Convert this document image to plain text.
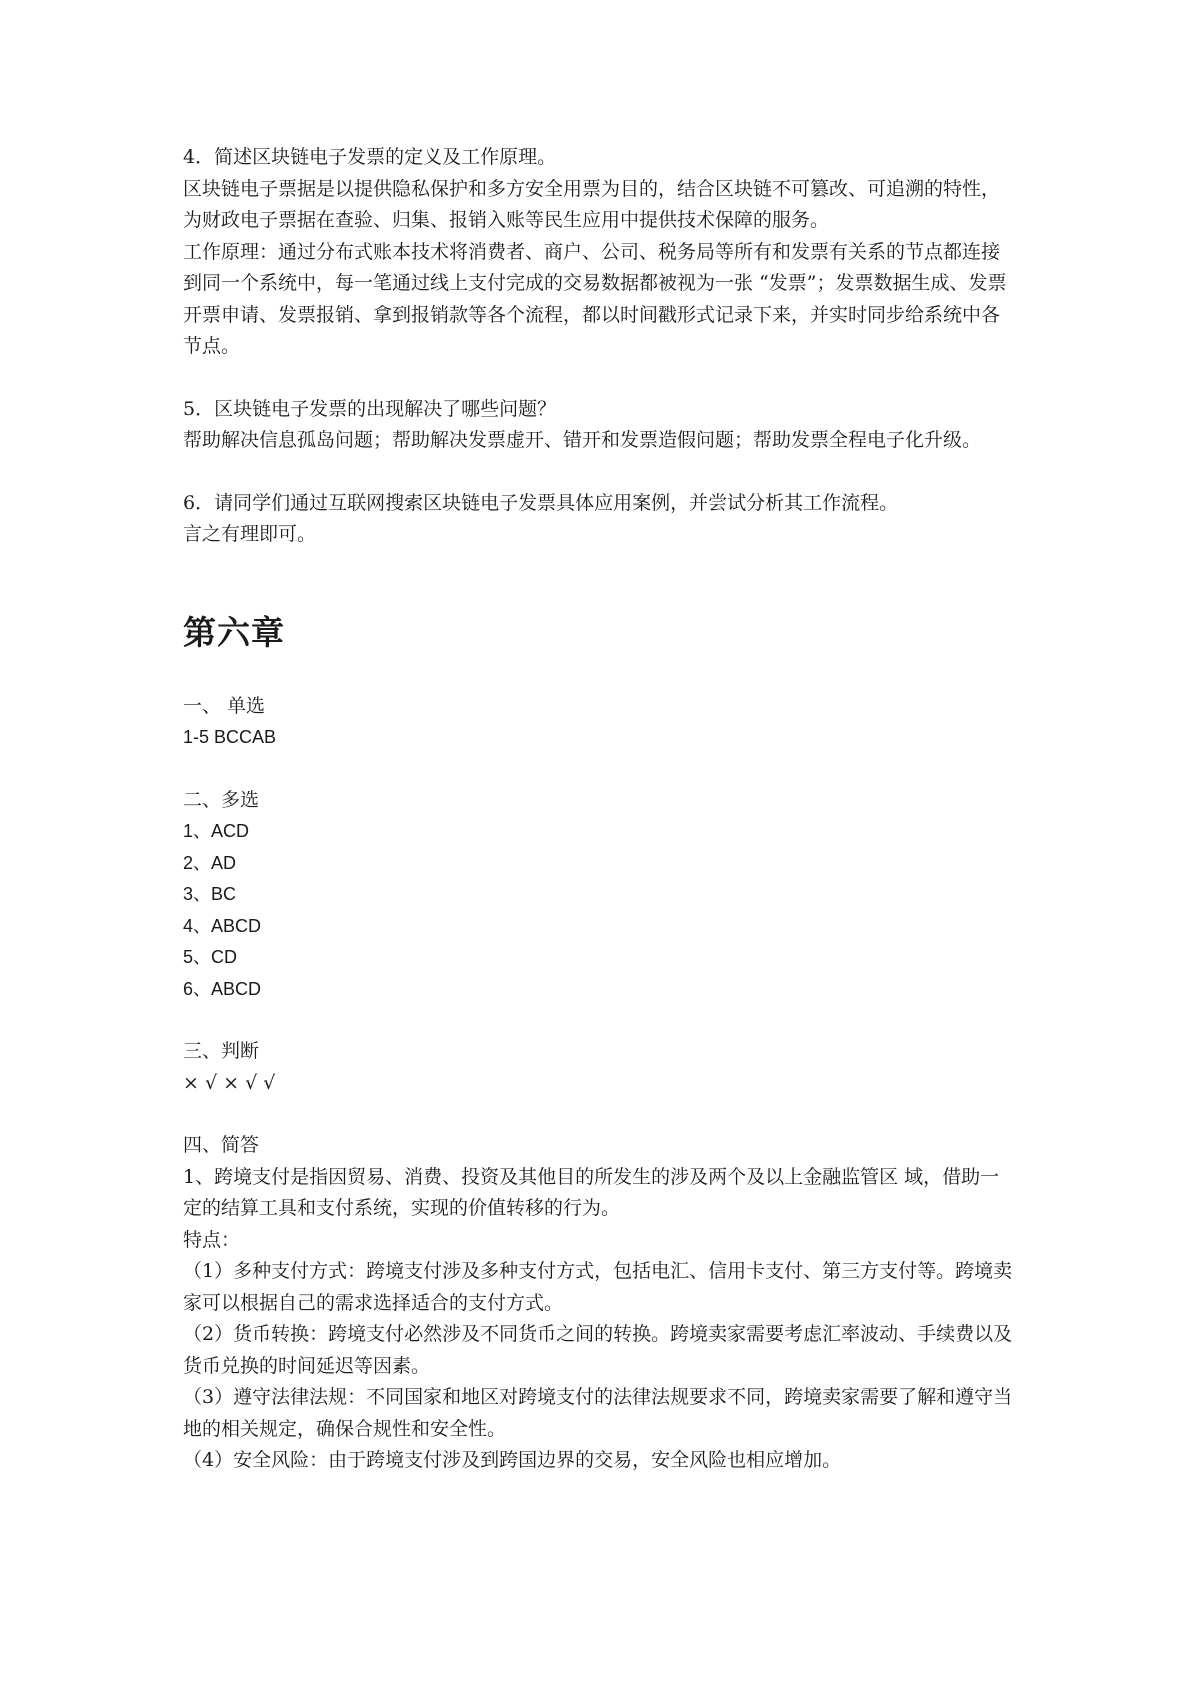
4．简述区块链电子发票的定义及工作原理。

区块链电子票据是以提供隐私保护和多方安全用票为目的，结合区块链不可篡改、可追溯的特性，为财政电子票据在查验、归集、报销入账等民生应用中提供技术保障的服务。

工作原理：通过分布式账本技术将消费者、商户、公司、税务局等所有和发票有关系的节点都连接到同一个系统中，每一笔通过线上支付完成的交易数据都被视为一张 “发票”；发票数据生成、发票开票申请、发票报销、拿到报销款等各个流程，都以时间戳形式记录下来，并实时同步给系统中各节点。

5．区块链电子发票的出现解决了哪些问题？

帮助解决信息孤岛问题；帮助解决发票虚开、错开和发票造假问题；帮助发票全程电子化升级。

6．请同学们通过互联网搜索区块链电子发票具体应用案例，并尝试分析其工作流程。

言之有理即可。

第六章

一、 单选

1-5 BCCAB

二、多选

1、ACD

2、AD

3、BC

4、ABCD

5、CD

6、ABCD

三、判断

× √ × √ √

四、简答

1、跨境支付是指因贸易、消费、投资及其他目的所发生的涉及两个及以上金融监管区 域，借助一定的结算工具和支付系统，实现的价值转移的行为。

特点：

（1）多种支付方式：跨境支付涉及多种支付方式，包括电汇、信用卡支付、第三方支付等。跨境卖家可以根据自己的需求选择适合的支付方式。

（2）货币转换：跨境支付必然涉及不同货币之间的转换。跨境卖家需要考虑汇率波动、手续费以及货币兑换的时间延迟等因素。

（3）遵守法律法规：不同国家和地区对跨境支付的法律法规要求不同，跨境卖家需要了解和遵守当地的相关规定，确保合规性和安全性。

（4）安全风险：由于跨境支付涉及到跨国边界的交易，安全风险也相应增加。
